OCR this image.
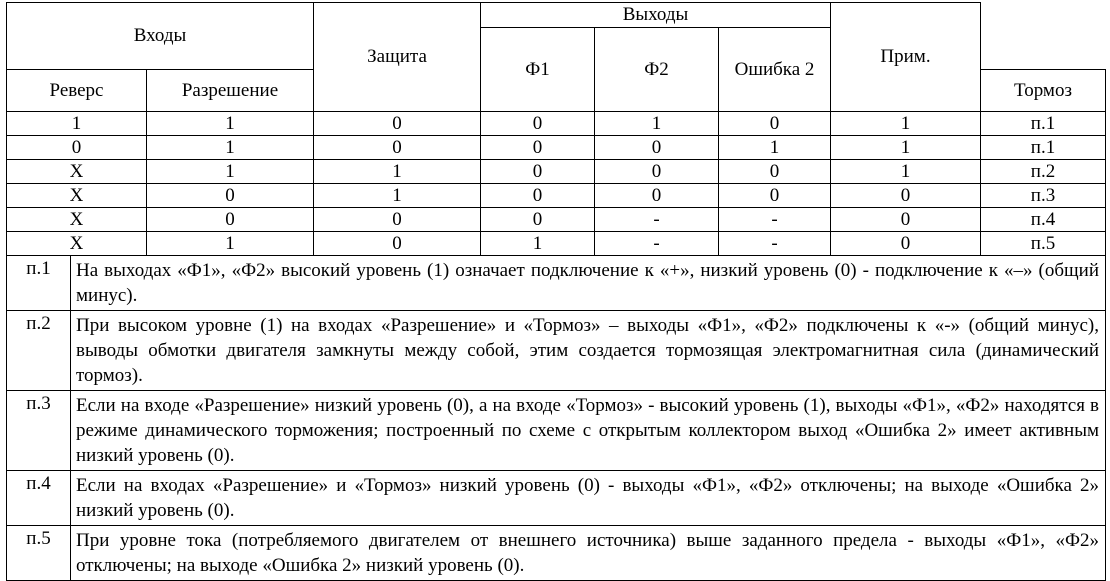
Входы			Защита	Выходы			Прим.	
				Ф1	Ф2	Ошибка 2		
Реверс		Разрешение						Тормоз
1		1	0	0	1	0	1	п.1
0		1	0	0	0	1	1	п.1
X		1	1	0	0	0	1	п.2
X		0	1	0	0	0	0	п.3
X		0	0	0	-	-	0	п.4
X		1	0	1	-	-	0	п.5
п.1	На выходах «Ф1», «Ф2» высокий уровень (1) означает подключение к «+», низкий уровень (0) - подключение к «–» (общий минус).							
п.2	При высоком уровне (1) на входах «Разрешение» и «Тормоз» – выходы «Ф1», «Ф2» подключены к «-» (общий минус), выводы обмотки двигателя замкнуты между собой, этим создается тормозящая электромагнитная сила (динамический тормоз).							
п.3	Если на входе «Разрешение» низкий уровень (0), а на входе «Тормоз» - высокий уровень (1), выходы «Ф1», «Ф2» находятся в режиме динамического торможения; построенный по схеме с открытым коллектором выход «Ошибка 2» имеет активным низкий уровень (0).							
п.4	Если на входах «Разрешение» и «Тормоз» низкий уровень (0) - выходы «Ф1», «Ф2» отключены; на выходе «Ошибка 2» низкий уровень (0).							
п.5	При уровне тока (потребляемого двигателем от внешнего источника) выше заданного предела - выходы «Ф1», «Ф2» отключены; на выходе «Ошибка 2» низкий уровень (0).							
